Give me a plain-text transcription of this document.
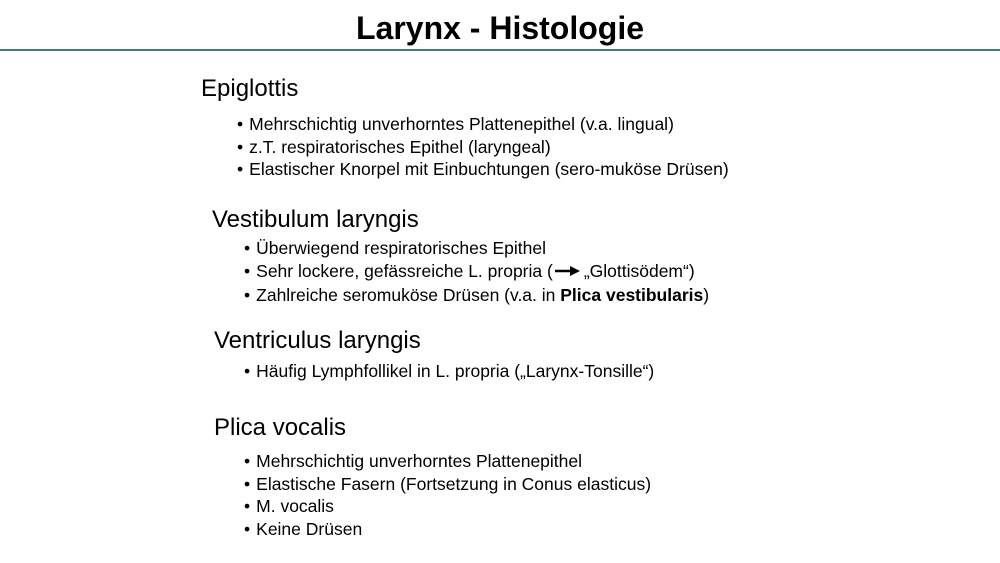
Larynx - Histologie
Epiglottis
• Mehrschichtig unverhorntes Plattenepithel (v.a. lingual)
• z.T. respiratorisches Epithel (laryngeal)
• Elastischer Knorpel mit Einbuchtungen (sero-muköse Drüsen)
Vestibulum laryngis
• Überwiegend respiratorisches Epithel
• Sehr lockere, gefässreiche L. propria ( „Glottisödem“)
• Zahlreiche seromuköse Drüsen (v.a. in Plica vestibularis)
Ventriculus laryngis
• Häufig Lymphfollikel in L. propria („Larynx-Tonsille“)
Plica vocalis
• Mehrschichtig unverhorntes Plattenepithel
• Elastische Fasern (Fortsetzung in Conus elasticus)
• M. vocalis
• Keine Drüsen
